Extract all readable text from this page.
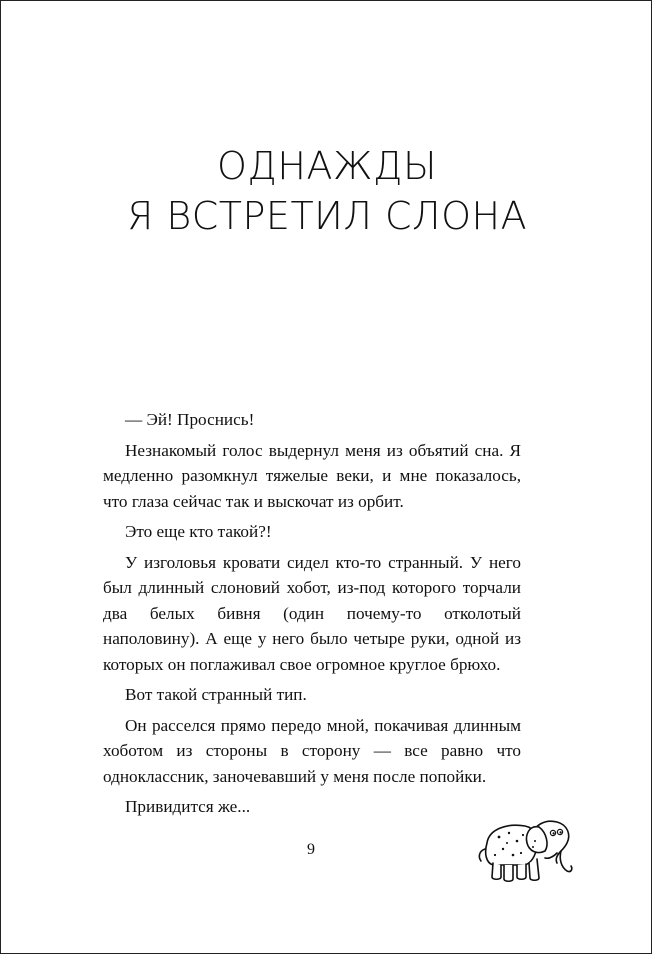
ОДНАЖДЫ
Я ВСТРЕТИЛ СЛОНА

— Эй! Проснись!

Незнакомый голос выдернул меня из объятий сна. Я медленно разомкнул тяжелые веки, и мне показалось, что глаза сейчас так и выскочат из орбит.

Это еще кто такой?!

У изголовья кровати сидел кто-то странный. У него был длинный слоновий хобот, из-под которого торчали два белых бивня (один почему-то отколотый наполовину). А еще у него было четыре руки, одной из которых он поглаживал свое огромное круглое брюхо.

Вот такой странный тип.

Он расселся прямо передо мной, покачивая длинным хоботом из стороны в сторону — все равно что одноклассник, заночевавший у меня после попойки.

Привидится же...

9
